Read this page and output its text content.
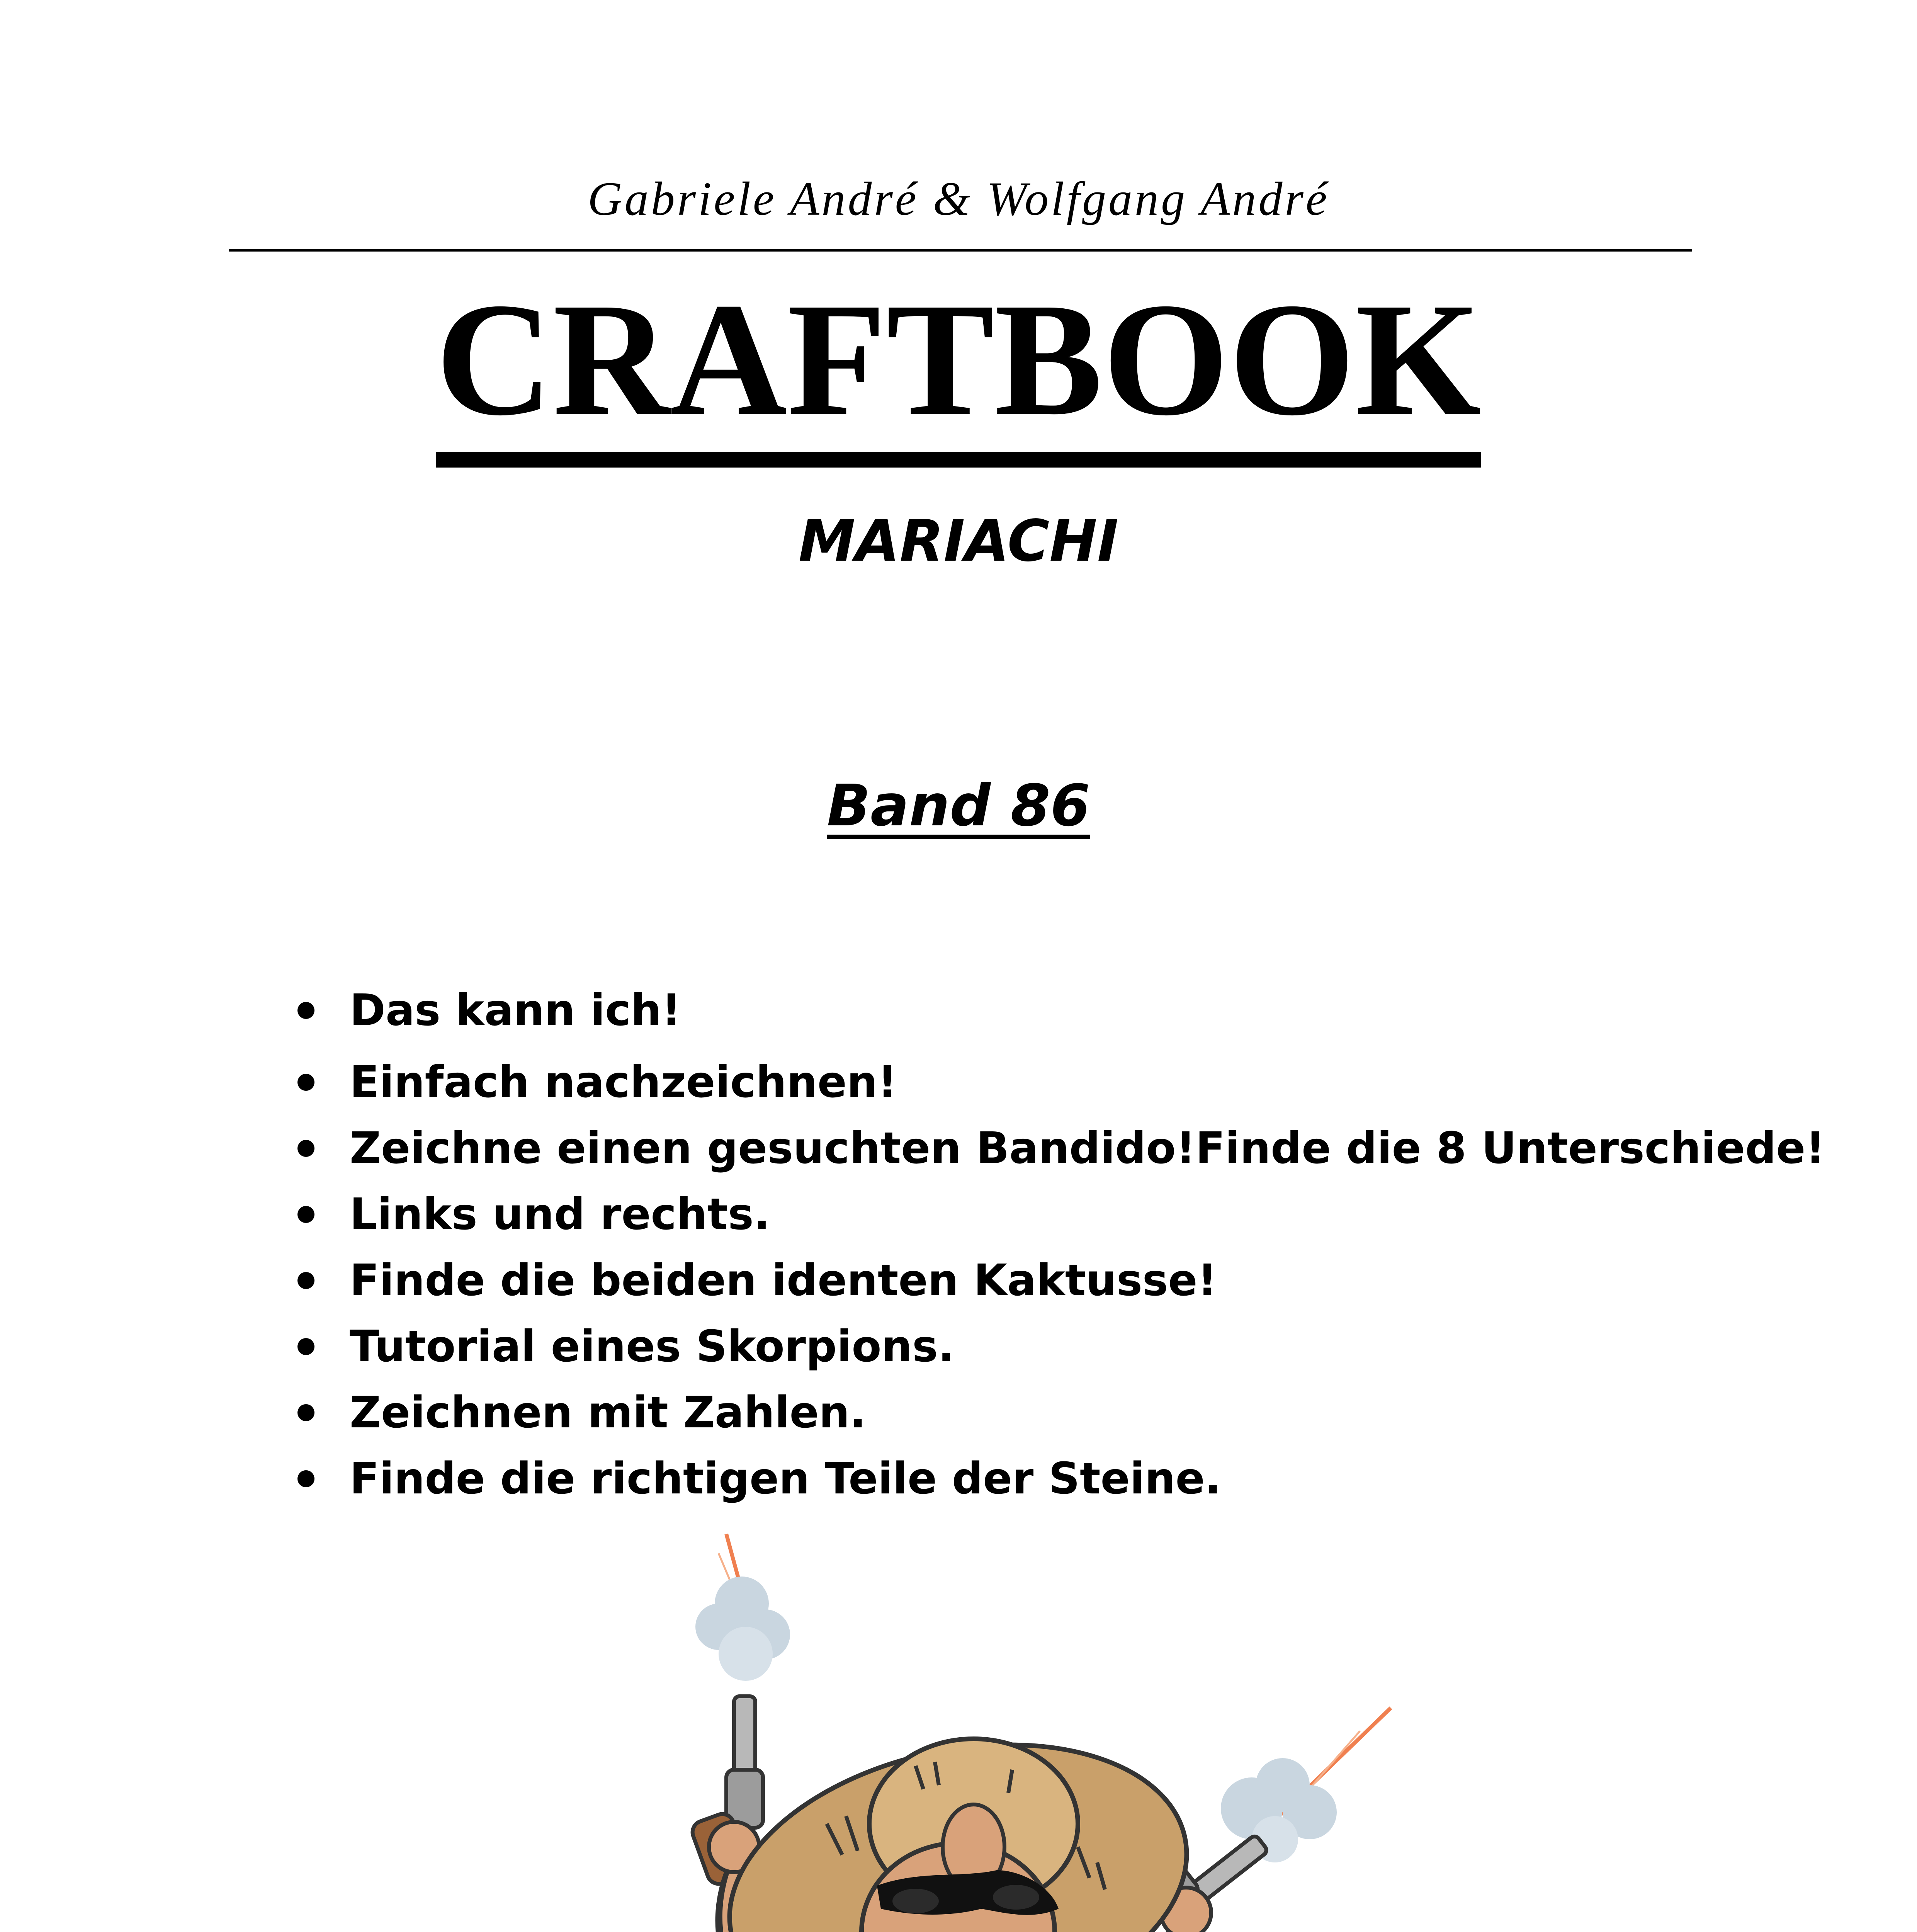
Gabriele André & Wolfgang André
CRAFTBOOK
MARIACHI
Band 86
Das kann ich!
Einfach nachzeichnen!
Zeichne einen gesuchten Bandido!Finde die 8 Unterschiede!
Links und rechts.
Finde die beiden identen Kaktusse!
Tutorial eines Skorpions.
Zeichnen mit Zahlen.
Finde die richtigen Teile der Steine.
